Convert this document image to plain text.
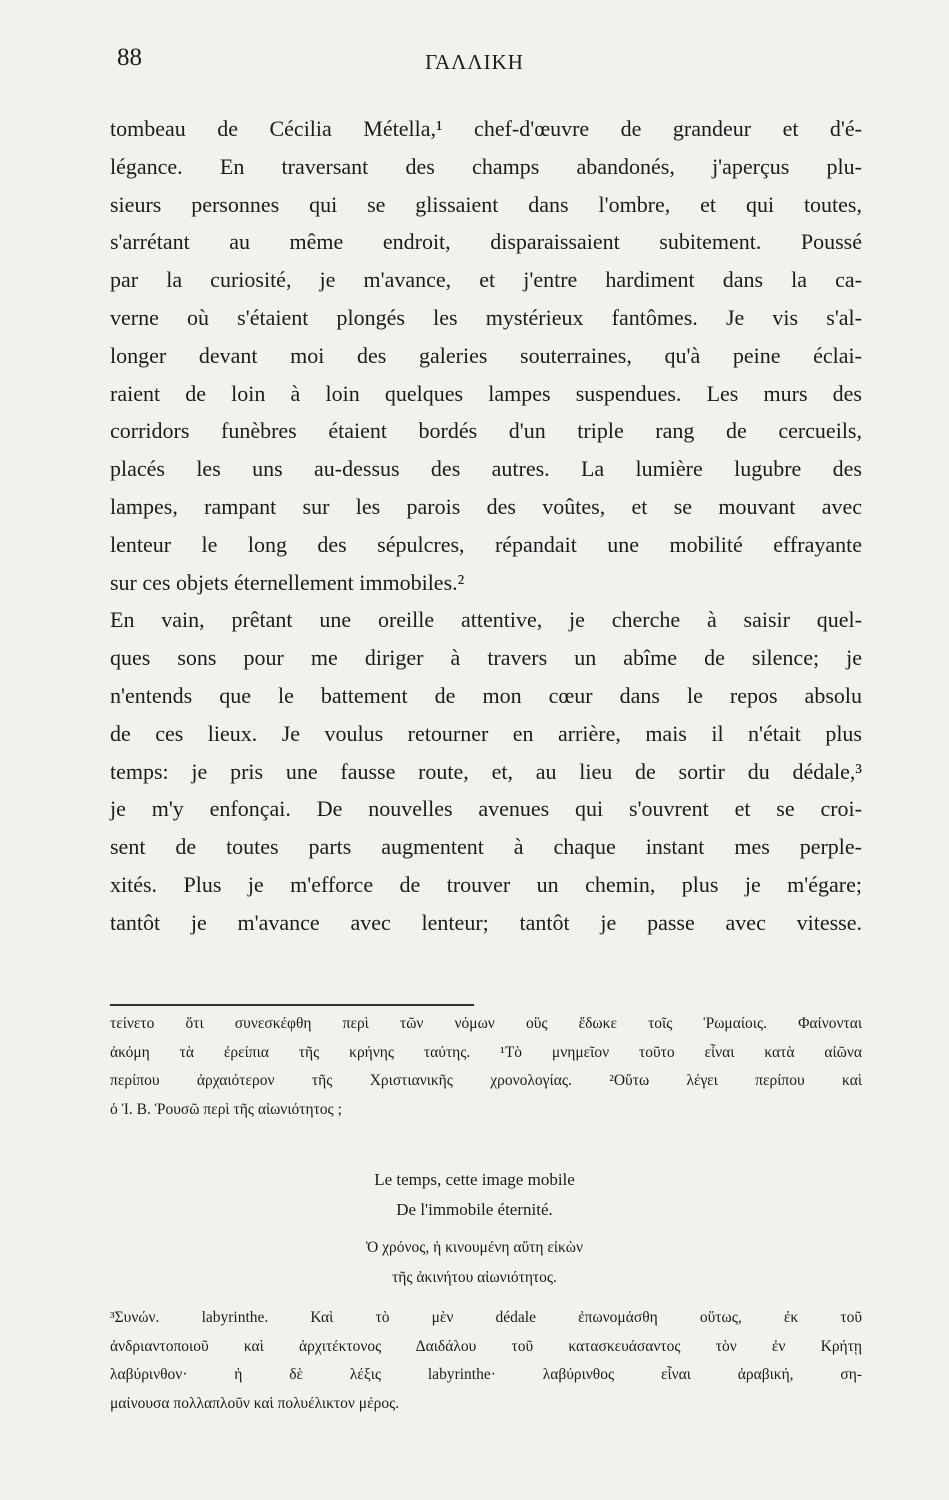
88	ΓΑΛΛΙΚΗ
tombeau de Cécilia Métella,¹ chef-d'œuvre de grandeur et d'é-
légance. En traversant des champs abandonés, j'aperçus plu-
sieurs personnes qui se glissaient dans l'ombre, et qui toutes,
s'arrétant au même endroit, disparaissaient subitement. Poussé
par la curiosité, je m'avance, et j'entre hardiment dans la ca-
verne où s'étaient plongés les mystérieux fantômes. Je vis s'al-
longer devant moi des galeries souterraines, qu'à peine éclai-
raient de loin à loin quelques lampes suspendues. Les murs des
corridors funèbres étaient bordés d'un triple rang de cercueils,
placés les uns au-dessus des autres. La lumière lugubre des
lampes, rampant sur les parois des voûtes, et se mouvant avec
lenteur le long des sépulcres, répandait une mobilité effrayante
sur ces objets éternellement immobiles.²
En vain, prêtant une oreille attentive, je cherche à saisir quel-
ques sons pour me diriger à travers un abîme de silence; je
n'entends que le battement de mon cœur dans le repos absolu
de ces lieux. Je voulus retourner en arrière, mais il n'était plus
temps: je pris une fausse route, et, au lieu de sortir du dédale,³
je m'y enfonçai. De nouvelles avenues qui s'ouvrent et se croi-
sent de toutes parts augmentent à chaque instant mes perple-
xités. Plus je m'efforce de trouver un chemin, plus je m'égare;
tantôt je m'avance avec lenteur; tantôt je passe avec vitesse.
τείνετο ὅτι συνεσκέφθη περὶ τῶν νόμων οὓς ἔδωκε τοῖς Ῥωμαίοις. Φαίνονται
ἀκόμη τὰ ἐρείπια τῆς κρήνης ταύτης. ¹Τὸ μνημεῖον τοῦτο εἶναι κατὰ αἰῶνα
περίπου ἀρχαιότερον τῆς Χριστιανικῆς χρονολογίας. ²Οὕτω λέγει περίπου καὶ
ὁ Ἰ. Β. Ῥουσῶ περὶ τῆς αἰωνιότητος ;
Le temps, cette image mobile
De l'immobile éternité.
Ὁ χρόνος, ἡ κινουμένη αὕτη εἰκὼν
τῆς ἀκινήτου αἰωνιότητος.
³Συνών. labyrinthe. Καὶ τὸ μὲν dédale ἐπωνομάσθη οὕτως, ἐκ τοῦ
ἀνδριαντοποιοῦ καὶ ἀρχιτέκτονος Δαιδάλου τοῦ κατασκευάσαντος τὸν ἐν Κρήτῃ
λαβύρινθον· ἡ δὲ λέξις labyrinthe· λαβύρινθος εἶναι ἀραβική, ση-
μαίνουσα πολλαπλοῦν καὶ πολυέλικτον μέρος.
